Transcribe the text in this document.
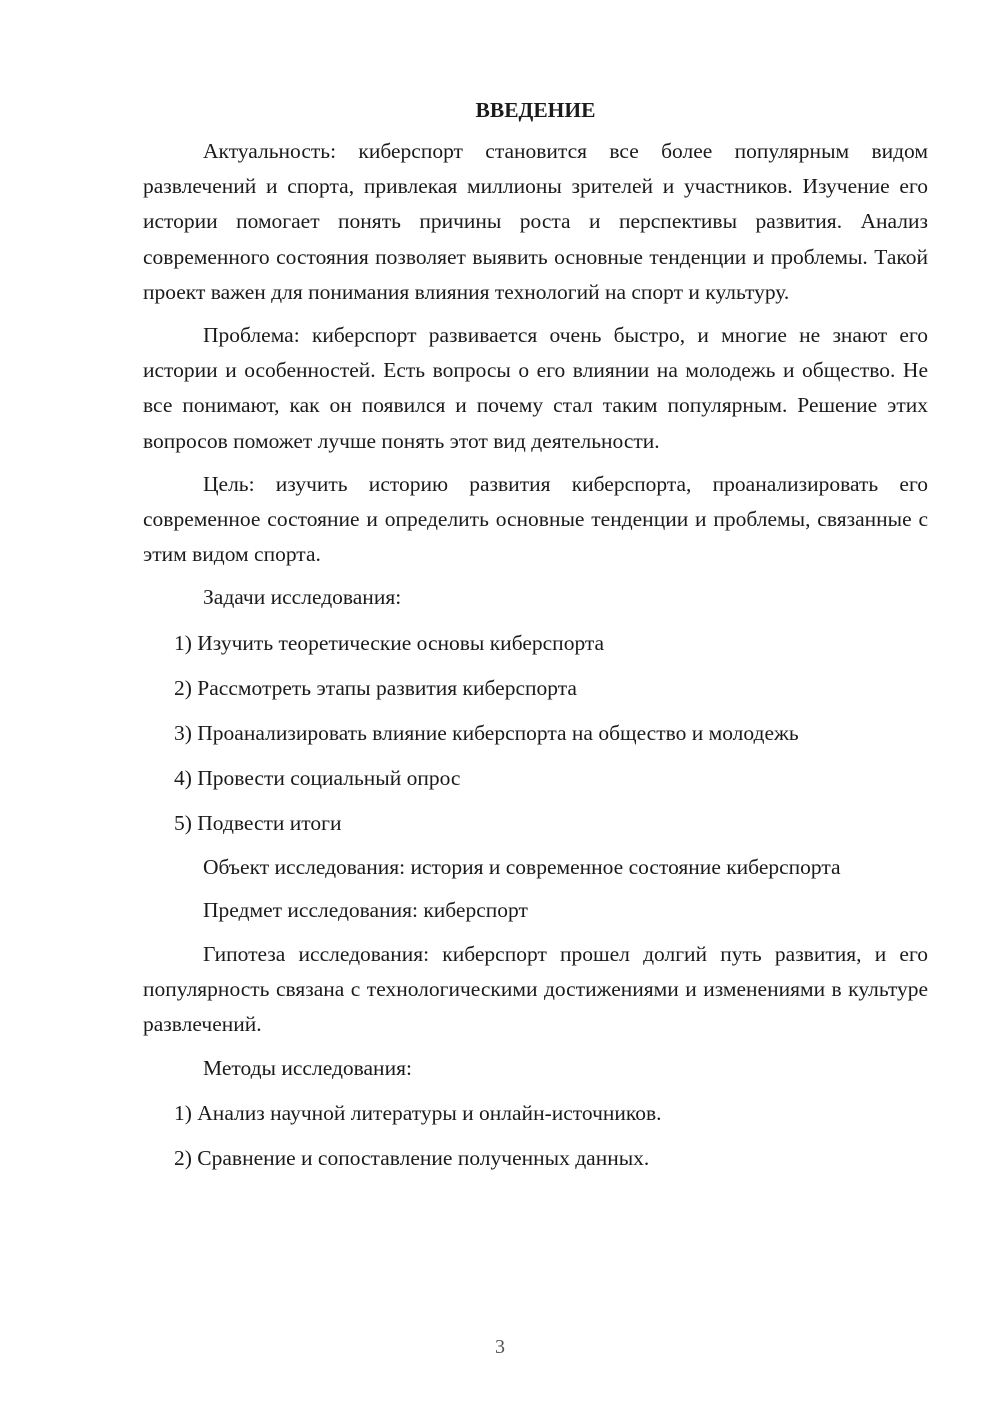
ВВЕДЕНИЕ

Актуальность: киберспорт становится все более популярным видом развлечений и спорта, привлекая миллионы зрителей и участников. Изучение его истории помогает понять причины роста и перспективы развития. Анализ современного состояния позволяет выявить основные тенденции и проблемы. Такой проект важен для понимания влияния технологий на спорт и культуру.

Проблема: киберспорт развивается очень быстро, и многие не знают его истории и особенностей. Есть вопросы о его влиянии на молодежь и общество. Не все понимают, как он появился и почему стал таким популярным. Решение этих вопросов поможет лучше понять этот вид деятельности.

Цель: изучить историю развития киберспорта, проанализировать его современное состояние и определить основные тенденции и проблемы, связанные с этим видом спорта.

Задачи исследования:

1) Изучить теоретические основы киберспорта
2) Рассмотреть этапы развития киберспорта
3) Проанализировать влияние киберспорта на общество и молодежь
4) Провести социальный опрос
5) Подвести итоги

Объект исследования: история и современное состояние киберспорта

Предмет исследования: киберспорт

Гипотеза исследования: киберспорт прошел долгий путь развития, и его популярность связана с технологическими достижениями и изменениями в культуре развлечений.

Методы исследования:

1) Анализ научной литературы и онлайн-источников.
2) Сравнение и сопоставление полученных данных.
3
